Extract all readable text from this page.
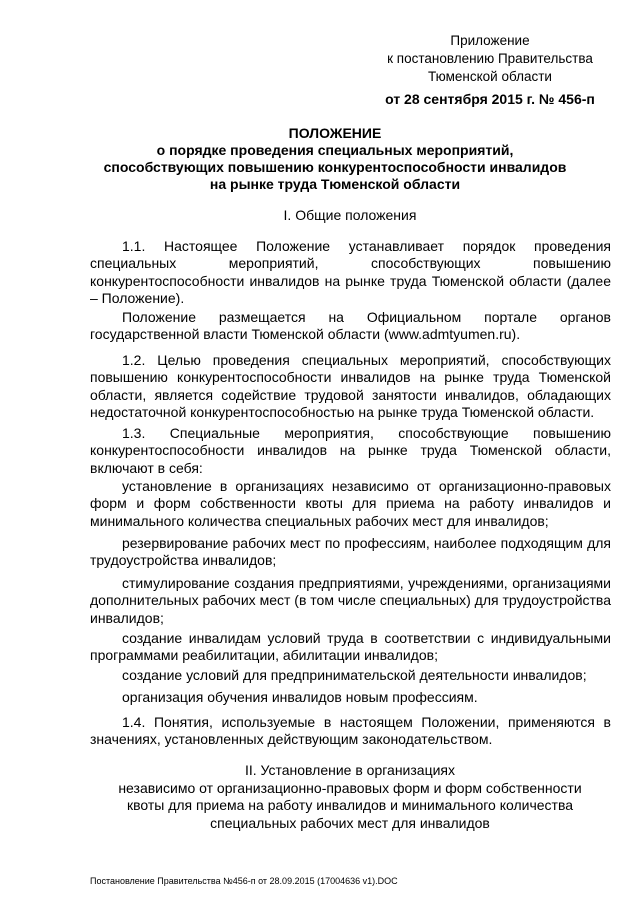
Приложение
к постановлению Правительства
Тюменской области
от 28 сентября 2015 г. № 456-п
ПОЛОЖЕНИЕ
о порядке проведения специальных мероприятий,
способствующих повышению конкурентоспособности инвалидов
на рынке труда Тюменской области
I. Общие положения

1.1. Настоящее Положение устанавливает порядок проведения специальных мероприятий, способствующих повышению конкурентоспособности инвалидов на рынке труда Тюменской области (далее – Положение).

Положение размещается на Официальном портале органов государственной власти Тюменской области (www.admtyumen.ru).

1.2. Целью проведения специальных мероприятий, способствующих повышению конкурентоспособности инвалидов на рынке труда Тюменской области, является содействие трудовой занятости инвалидов, обладающих недостаточной конкурентоспособностью на рынке труда Тюменской области.

1.3. Специальные мероприятия, способствующие повышению конкурентоспособности инвалидов на рынке труда Тюменской области, включают в себя:

установление в организациях независимо от организационно-правовых форм и форм собственности квоты для приема на работу инвалидов и минимального количества специальных рабочих мест для инвалидов;

резервирование рабочих мест по профессиям, наиболее подходящим для трудоустройства инвалидов;

стимулирование создания предприятиями, учреждениями, организациями дополнительных рабочих мест (в том числе специальных) для трудоустройства инвалидов;

создание инвалидам условий труда в соответствии с индивидуальными программами реабилитации, абилитации инвалидов;

создание условий для предпринимательской деятельности инвалидов;

организация обучения инвалидов новым профессиям.

1.4. Понятия, используемые в настоящем Положении, применяются в значениях, установленных действующим законодательством.

II. Установление в организациях
независимо от организационно-правовых форм и форм собственности
квоты для приема на работу инвалидов и минимального количества
специальных рабочих мест для инвалидов
Постановление Правительства №456-п от 28.09.2015 (17004636 v1).DOC
